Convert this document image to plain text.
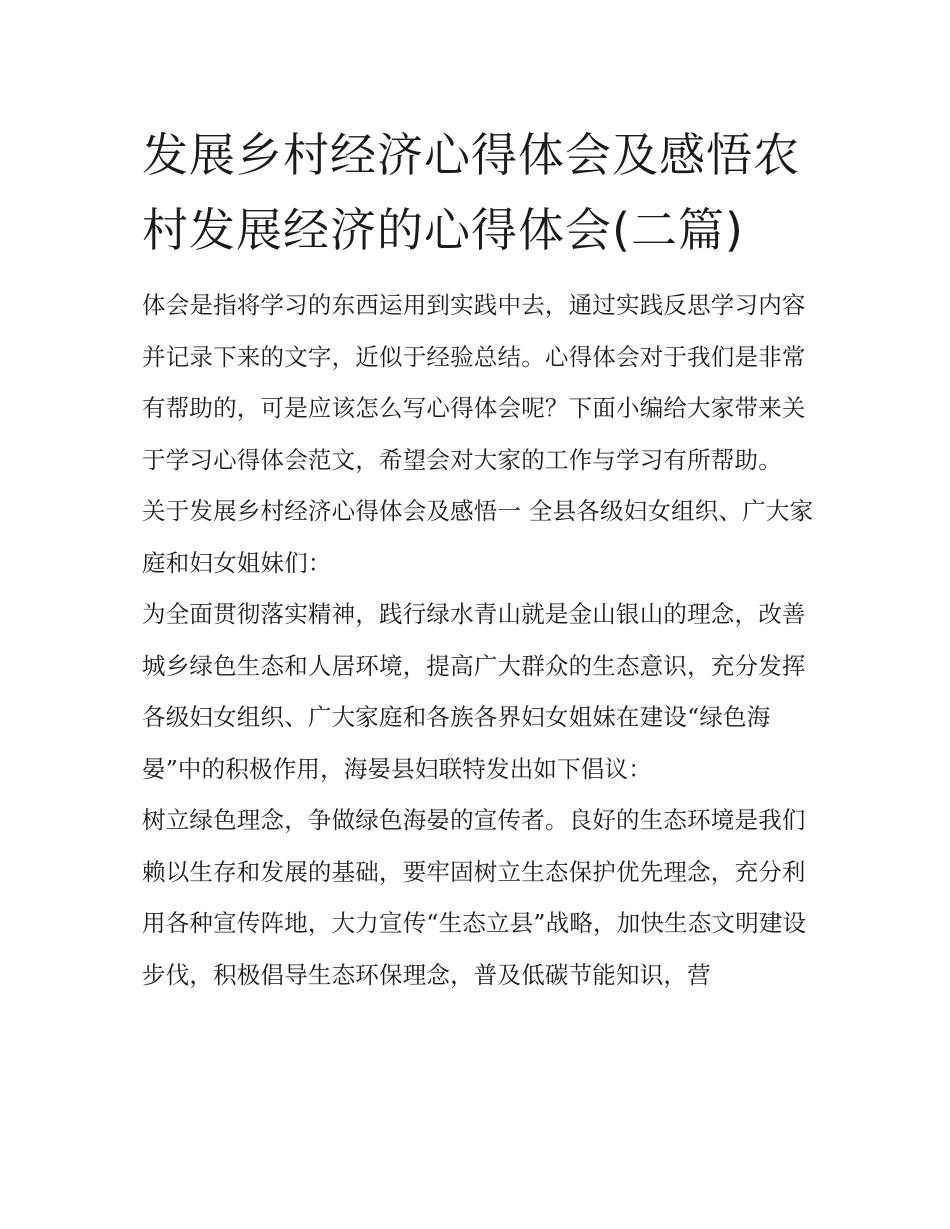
发展乡村经济心得体会及感悟农村发展经济的心得体会(二篇)

体会是指将学习的东西运用到实践中去，通过实践反思学习内容并记录下来的文字，近似于经验总结。心得体会对于我们是非常有帮助的，可是应该怎么写心得体会呢？下面小编给大家带来关于学习心得体会范文，希望会对大家的工作与学习有所帮助。

关于发展乡村经济心得体会及感悟一 全县各级妇女组织、广大家庭和妇女姐妹们：

为全面贯彻落实精神，践行绿水青山就是金山银山的理念，改善城乡绿色生态和人居环境，提高广大群众的生态意识，充分发挥各级妇女组织、广大家庭和各族各界妇女姐妹在建设“绿色海晏”中的积极作用，海晏县妇联特发出如下倡议：

树立绿色理念，争做绿色海晏的宣传者。良好的生态环境是我们赖以生存和发展的基础，要牢固树立生态保护优先理念，充分利用各种宣传阵地，大力宣传“生态立县”战略，加快生态文明建设步伐，积极倡导生态环保理念，普及低碳节能知识，营
